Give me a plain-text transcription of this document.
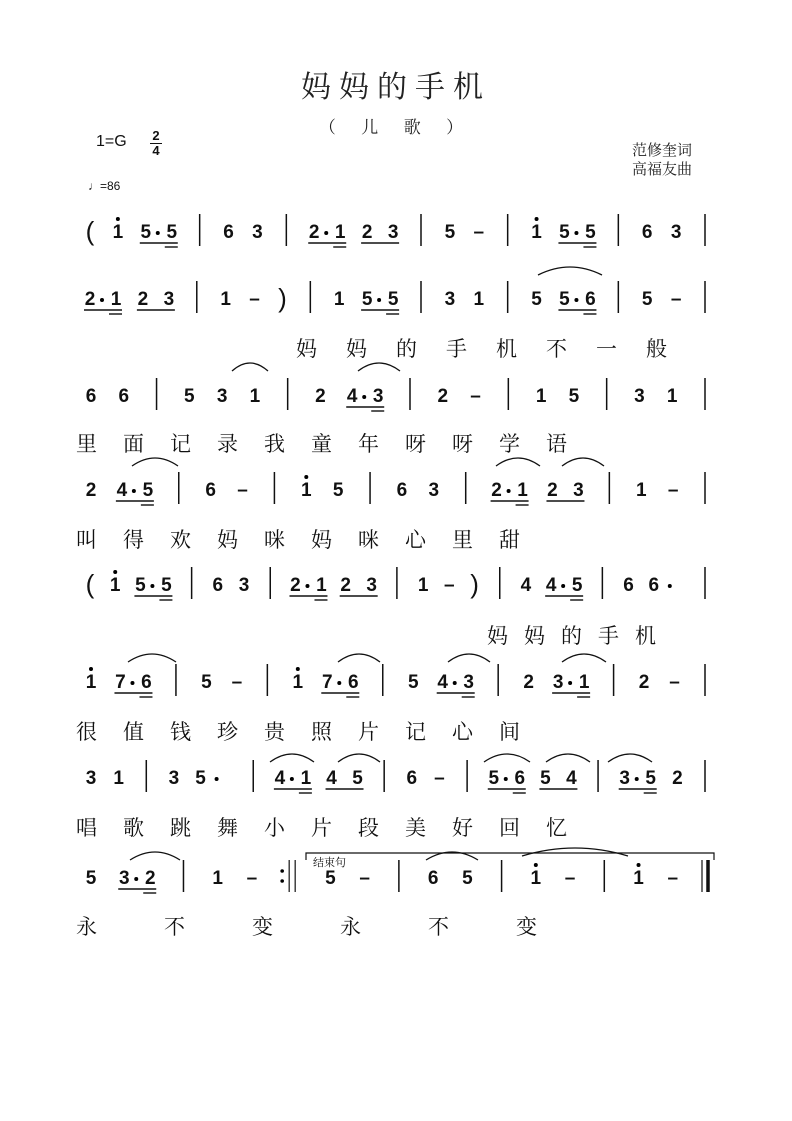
妈妈的手机
（ 儿 歌 ）
1=G 2
4
♩=86
范修奎词
高福友曲
( 1 5 5 6 3 2 1 2 3 5 – 1 5 5 6 3
2 1 2 3 1 – ) 1 5 5 3 1 5 5 6 5 –
妈 妈 的 手 机 不 一 般
6 6	5 3 1	2 4 3	2 –	1 5	3 1
里 面 记 录 我 童 年 呀 呀 学 语
2 4 5	6 –	1 5	6 3	2 1 2 3	1 –
叫 得 欢 妈 咪 妈 咪 心 里 甜
( 1 5 5 6 3 2 1 2 3 1 – ) 4 4 5 6 6
妈 妈 的 手 机
1 7 6	5 –	1 7 6	5 4 3	2 3 1	2 –
很 值 钱 珍 贵 照 片 记 心 间
3 1 3 5	4 1 4 5 6 – 5 6 5 4 3 5 2
唱 歌 跳 舞 小 片 段 美 好 回 忆
5 3 2	1 –	5 –	6 5	1 –	1 –
永	不	变	永	不	变
结束句
